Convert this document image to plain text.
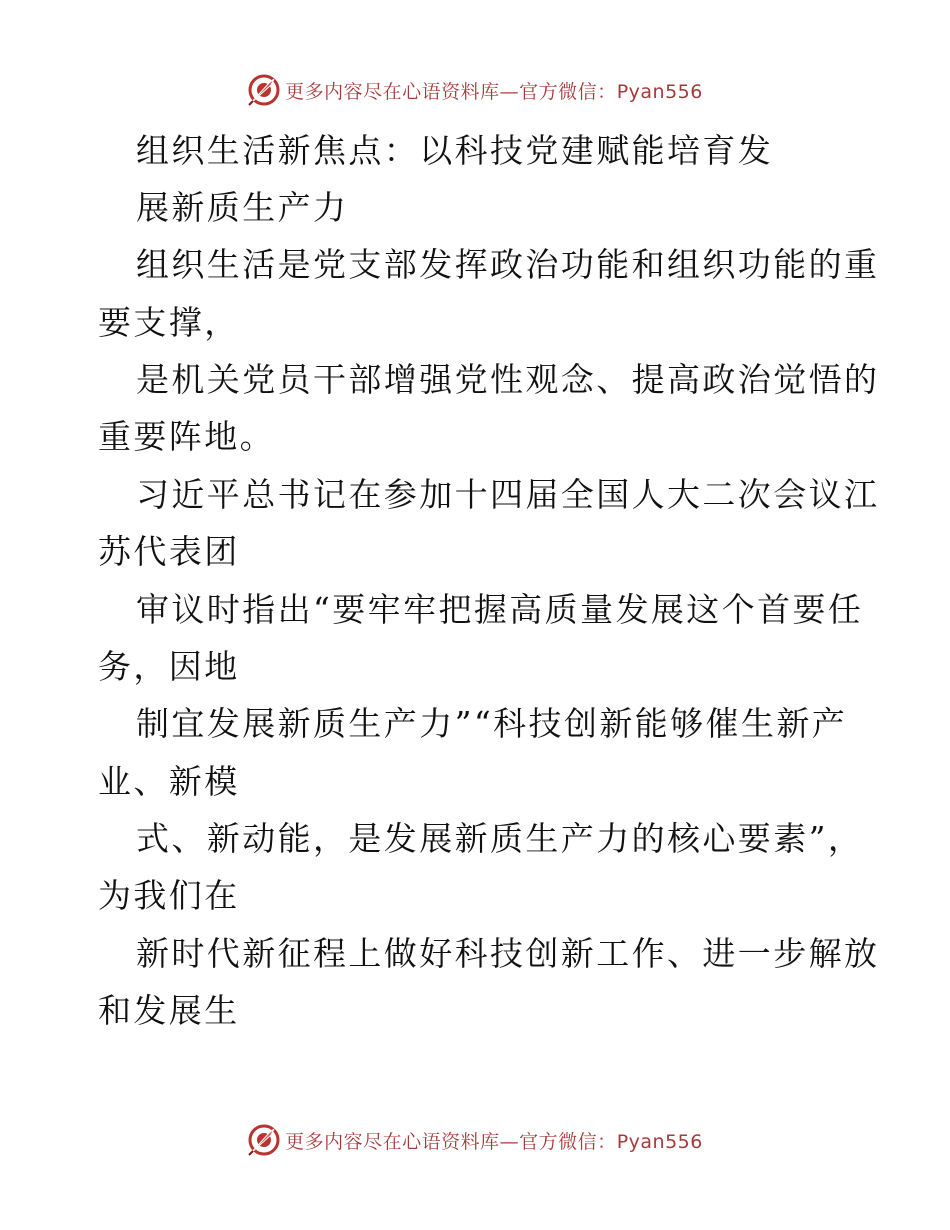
更多内容尽在心语资料库—官方微信：Pyan556
组织生活新焦点：以科技党建赋能培育发
展新质生产力
组织生活是党支部发挥政治功能和组织功能的重
要支撑，
是机关党员干部增强党性观念、提高政治觉悟的
重要阵地。
习近平总书记在参加十四届全国人大二次会议江
苏代表团
审议时指出“要牢牢把握高质量发展这个首要任
务，因地
制宜发展新质生产力”“科技创新能够催生新产
业、新模
式、新动能，是发展新质生产力的核心要素”，
为我们在
新时代新征程上做好科技创新工作、进一步解放
和发展生
更多内容尽在心语资料库—官方微信：Pyan556
